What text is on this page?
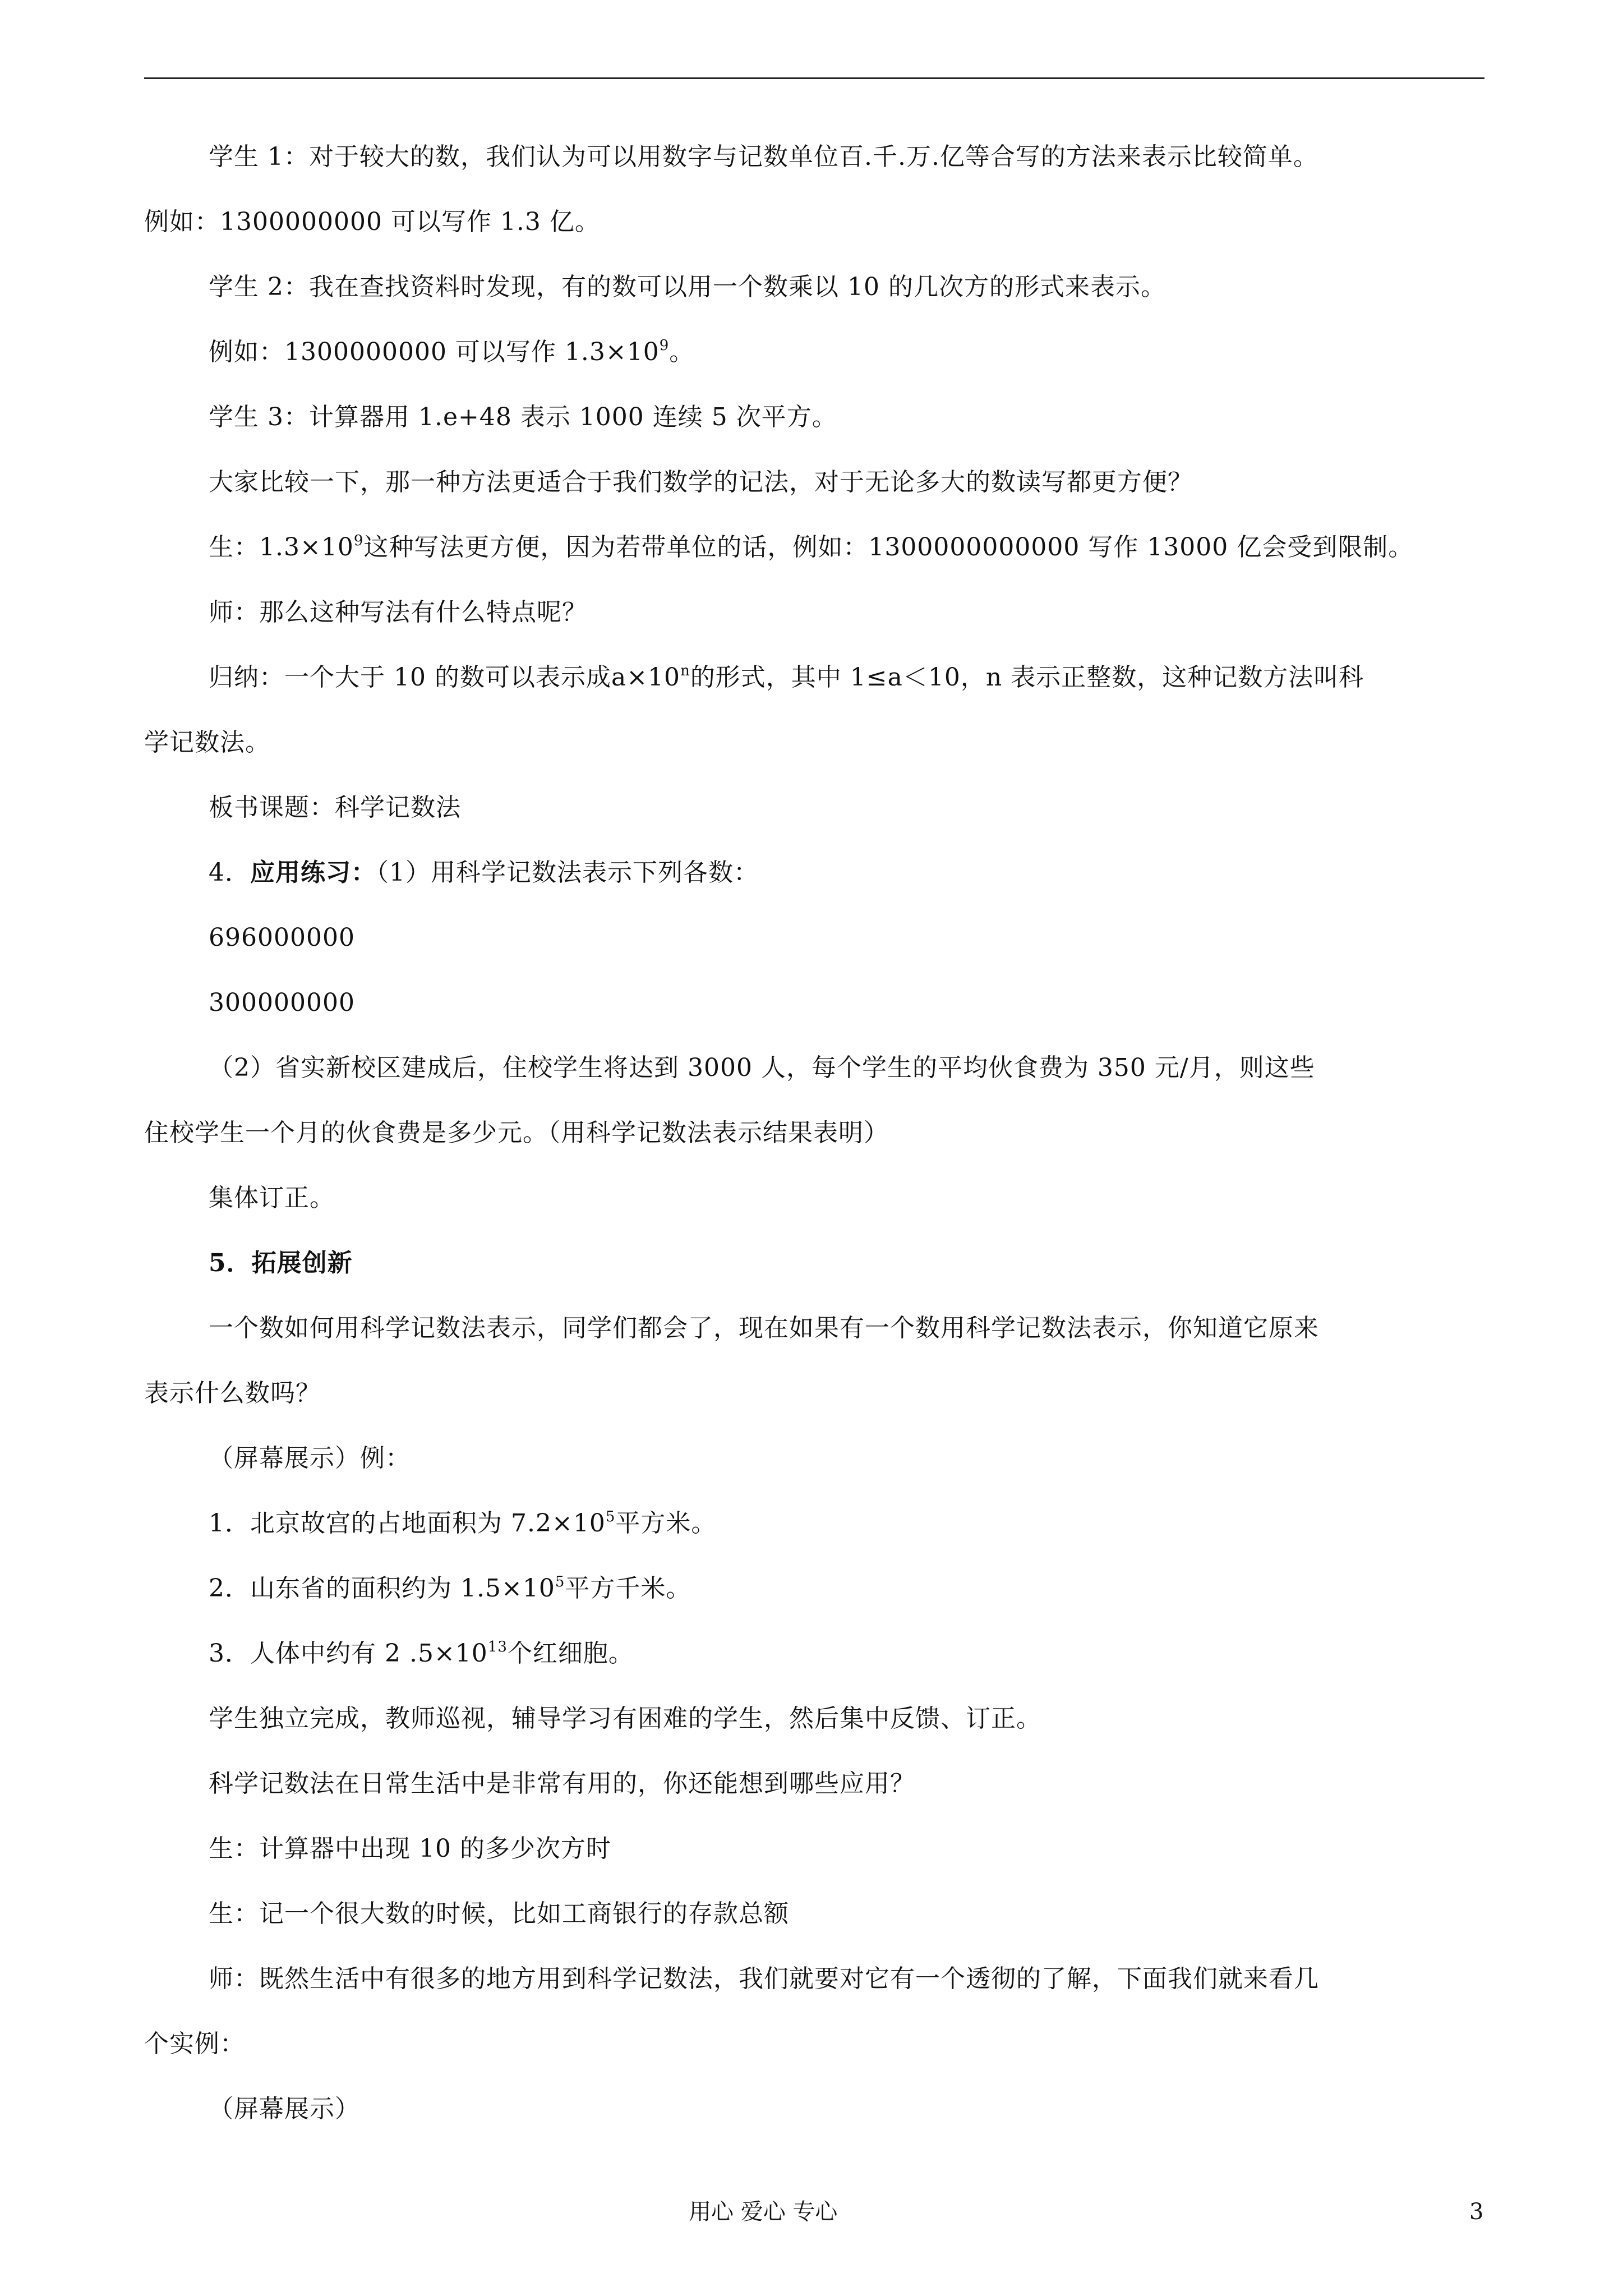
学生 1：对于较大的数，我们认为可以用数字与记数单位百.千.万.亿等合写的方法来表示比较简单。
例如：1300000000 可以写作 1.3 亿。
学生 2：我在查找资料时发现，有的数可以用一个数乘以 10 的几次方的形式来表示。
例如：1300000000 可以写作 $1.3\times 10^9$。
学生 3：计算器用 1.e+48 表示 1000 连续 5 次平方。
大家比较一下，那一种方法更适合于我们数学的记法，对于无论多大的数读写都更方便？
生：$1.3\times 10^9$这种写法更方便，因为若带单位的话，例如：1300000000000 写作 13000 亿会受到限制。
师：那么这种写法有什么特点呢？
归纳：一个大于 10 的数可以表示成$a\times 10^n$的形式，其中 1≤a＜10，n 表示正整数，这种记数方法叫科
学记数法。
板书课题：科学记数法
4．应用练习：（1）用科学记数法表示下列各数：
696000000
300000000
（2）省实新校区建成后，住校学生将达到 3000 人，每个学生的平均伙食费为 350 元/月，则这些
住校学生一个月的伙食费是多少元。（用科学记数法表示结果表明）
集体订正。
5．拓展创新
一个数如何用科学记数法表示，同学们都会了，现在如果有一个数用科学记数法表示，你知道它原来
表示什么数吗？
（屏幕展示）例：
1．北京故宫的占地面积为 $7.2\times 10^5$平方米。
2．山东省的面积约为 $1.5\times 10^5$平方千米。
3．人体中约有 2 $.5\times 10^{13}$个红细胞。
学生独立完成，教师巡视，辅导学习有困难的学生，然后集中反馈、订正。
科学记数法在日常生活中是非常有用的，你还能想到哪些应用？
生：计算器中出现 10 的多少次方时
生：记一个很大数的时候，比如工商银行的存款总额
师：既然生活中有很多的地方用到科学记数法，我们就要对它有一个透彻的了解，下面我们就来看几
个实例：
（屏幕展示）
用心 爱心 专心	3
